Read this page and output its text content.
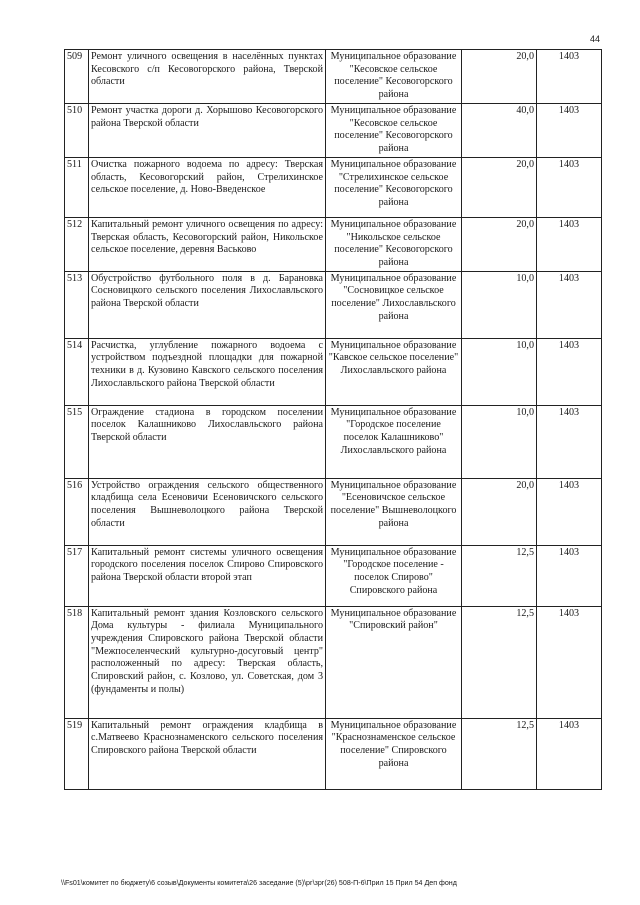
44
509	Ремонт уличного освещения в населённых пунктах Кесовского с/п Кесовогорского района, Тверской области	Муниципальное образование "Кесовское сельское поселение" Кесовогорского района	20,0	1403
510	Ремонт участка дороги д. Хорышово Кесовогорского района Тверской области	Муниципальное образование "Кесовское сельское поселение" Кесовогорского района	40,0	1403
511	Очистка пожарного водоема по адресу: Тверская область, Кесовогорский район, Стрелихинское сельское поселение, д. Ново-Введенское	Муниципальное образование "Стрелихинское сельское поселение" Кесовогорского района	20,0	1403
512	Капитальный ремонт уличного освещения по адресу: Тверская область, Кесовогорский район, Никольское сельское поселение, деревня Васьково	Муниципальное образование "Никольское сельское поселение" Кесовогорского района	20,0	1403
513	Обустройство футбольного поля в д. Барановка Сосновицкого сельского поселения Лихославльского района Тверской области	Муниципальное образование "Сосновицкое сельское поселение" Лихославльского района	10,0	1403
514	Расчистка, углубление пожарного водоема с устройством подъездной площадки для пожарной техники в д. Кузовино Кавского сельского поселения Лихославльского района Тверской области	Муниципальное образование "Кавское сельское поселение" Лихославльского района	10,0	1403
515	Ограждение стадиона в городском поселении поселок Калашниково Лихославльского района Тверской области	Муниципальное образование "Городское поселение поселок Калашниково" Лихославльского района	10,0	1403
516	Устройство ограждения сельского общественного кладбища села Есеновичи Есеновичского сельского поселения Вышневолоцкого района Тверской области	Муниципальное образование "Есеновичское сельское поселение" Вышневолоцкого района	20,0	1403
517	Капитальный ремонт системы уличного освещения городского поселения поселок Спирово Спировского района Тверской области второй этап	Муниципальное образование "Городское поселение - поселок Спирово" Спировского района	12,5	1403
518	Капитальный ремонт здания Козловского сельского Дома культуры - филиала Муниципального учреждения Спировского района Тверской области "Межпоселенческий культурно-досуговый центр" расположенный по адресу: Тверская область, Спировский район, с. Козлово, ул. Советская, дом 3 (фундаменты и полы)	Муниципальное образование "Спировский район"	12,5	1403
519	Капитальный ремонт ограждения кладбища в с.Матвеево Краснознаменского сельского поселения Спировского района Тверской области	Муниципальное образование "Краснознаменское сельское поселение" Спировского района	12,5	1403
\\Fs01\комитет по бюджету\6 созыв\Документы комитета\26 заседание (5)\рг\зрг(26) 508-П-6\Прил 15 Прил 54 Деп фонд
